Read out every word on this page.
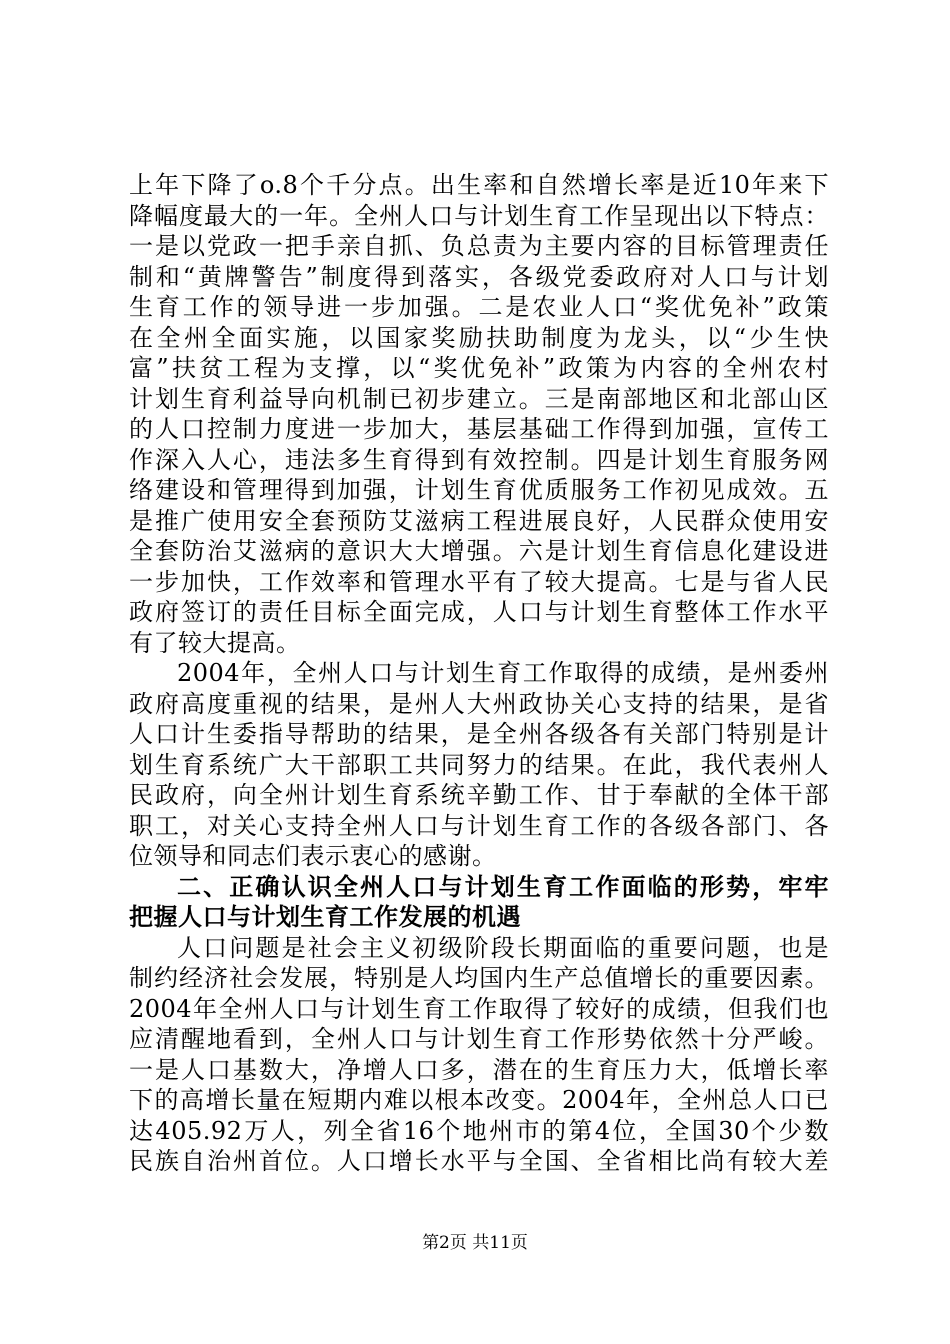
上年下降了o.8个千分点。出生率和自然增长率是近10年来下
降幅度最大的一年。全州人口与计划生育工作呈现出以下特点：
一是以党政一把手亲自抓、负总责为主要内容的目标管理责任
制和“黄牌警告”制度得到落实，各级党委政府对人口与计划
生育工作的领导进一步加强。二是农业人口“奖优免补”政策
在全州全面实施，以国家奖励扶助制度为龙头，以“少生快
富”扶贫工程为支撑，以“奖优免补”政策为内容的全州农村
计划生育利益导向机制已初步建立。三是南部地区和北部山区
的人口控制力度进一步加大，基层基础工作得到加强，宣传工
作深入人心，违法多生育得到有效控制。四是计划生育服务网
络建设和管理得到加强，计划生育优质服务工作初见成效。五
是推广使用安全套预防艾滋病工程进展良好，人民群众使用安
全套防治艾滋病的意识大大增强。六是计划生育信息化建设进
一步加快，工作效率和管理水平有了较大提高。七是与省人民
政府签订的责任目标全面完成，人口与计划生育整体工作水平
有了较大提高。
2004年，全州人口与计划生育工作取得的成绩，是州委州
政府高度重视的结果，是州人大州政协关心支持的结果，是省
人口计生委指导帮助的结果，是全州各级各有关部门特别是计
划生育系统广大干部职工共同努力的结果。在此，我代表州人
民政府，向全州计划生育系统辛勤工作、甘于奉献的全体干部
职工，对关心支持全州人口与计划生育工作的各级各部门、各
位领导和同志们表示衷心的感谢。
二、正确认识全州人口与计划生育工作面临的形势，牢牢
把握人口与计划生育工作发展的机遇
人口问题是社会主义初级阶段长期面临的重要问题，也是
制约经济社会发展，特别是人均国内生产总值增长的重要因素。
2004年全州人口与计划生育工作取得了较好的成绩，但我们也
应清醒地看到，全州人口与计划生育工作形势依然十分严峻。
一是人口基数大，净增人口多，潜在的生育压力大，低增长率
下的高增长量在短期内难以根本改变。2004年，全州总人口已
达405.92万人，列全省16个地州市的第4位，全国30个少数
民族自治州首位。人口增长水平与全国、全省相比尚有较大差
第2页 共11页
